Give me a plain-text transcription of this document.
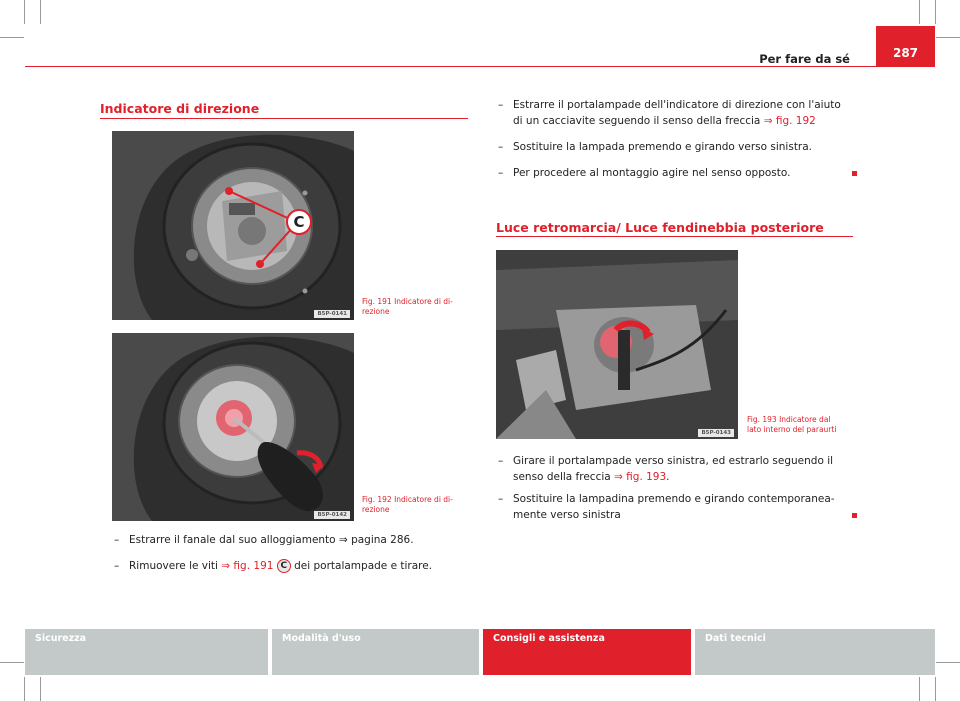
Per fare da sé	287
Indicatore di direzione
C
B5P-0141
Fig. 191 Indicatore di di-
rezione
B5P-0142
Fig. 192 Indicatore di di-
rezione
– Estrarre il fanale dal suo alloggiamento ⇒ pagina 286.
– Rimuovere le viti ⇒ fig. 191 C dei portalampade e tirare.
– Estrarre il portalampade dell'indicatore di direzione con l'aiuto
di un cacciavite seguendo il senso della freccia ⇒ fig. 192
– Sostituire la lampada premendo e girando verso sinistra.
– Per procedere al montaggio agire nel senso opposto.
Luce retromarcia/ Luce fendinebbia posteriore
B5P-0143
Fig. 193 Indicatore dal
lato interno del paraurti
– Girare il portalampade verso sinistra, ed estrarlo seguendo il
senso della freccia ⇒ fig. 193.
– Sostituire la lampadina premendo e girando contemporanea-
mente verso sinistra
Sicurezza	Modalità d'uso	Consigli e assistenza	Dati tecnici
